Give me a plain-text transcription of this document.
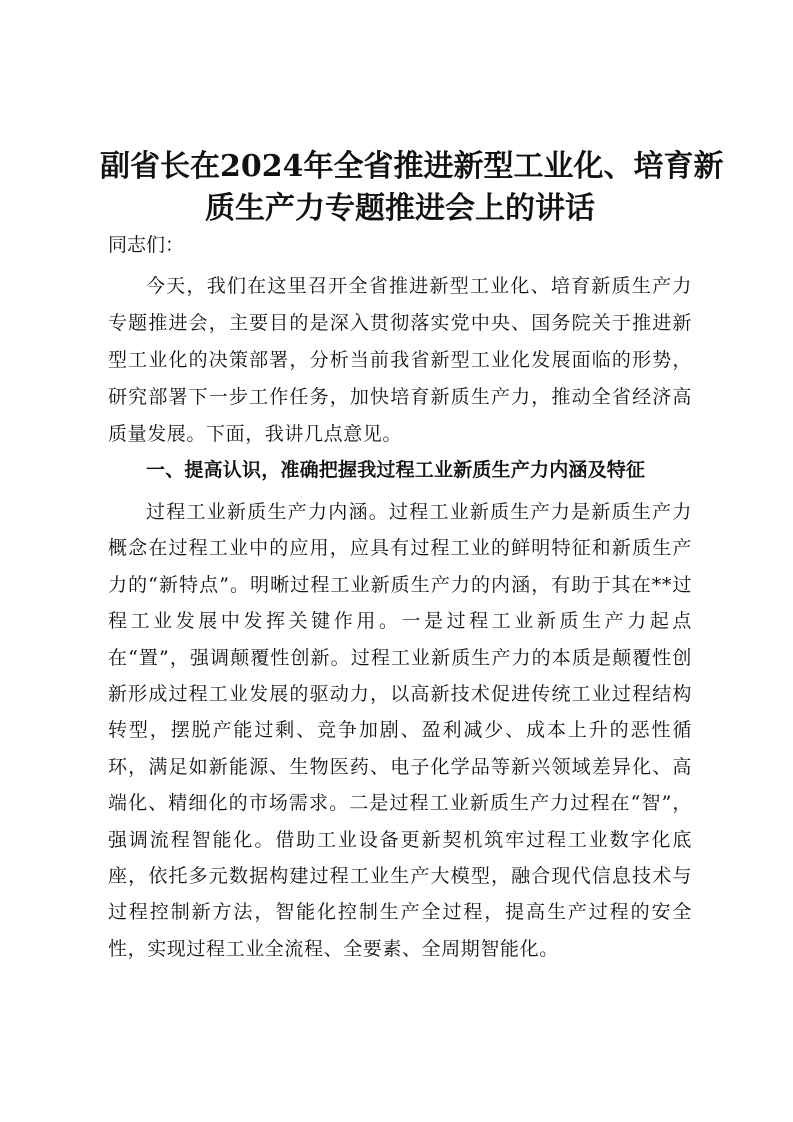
副省长在2024年全省推进新型工业化、培育新
质生产力专题推进会上的讲话

同志们：

今天，我们在这里召开全省推进新型工业化、培育新质生产力专题推进会，主要目的是深入贯彻落实党中央、国务院关于推进新型工业化的决策部署，分析当前我省新型工业化发展面临的形势，研究部署下一步工作任务，加快培育新质生产力，推动全省经济高质量发展。下面，我讲几点意见。

一、提高认识，准确把握我过程工业新质生产力内涵及特征

过程工业新质生产力内涵。过程工业新质生产力是新质生产力概念在过程工业中的应用，应具有过程工业的鲜明特征和新质生产力的“新特点”。明晰过程工业新质生产力的内涵，有助于其在**过程工业发展中发挥关键作用。一是过程工业新质生产力起点在“置”，强调颠覆性创新。过程工业新质生产力的本质是颠覆性创新形成过程工业发展的驱动力，以高新技术促进传统工业过程结构转型，摆脱产能过剩、竞争加剧、盈利减少、成本上升的恶性循环，满足如新能源、生物医药、电子化学品等新兴领域差异化、高端化、精细化的市场需求。二是过程工业新质生产力过程在“智”，强调流程智能化。借助工业设备更新契机筑牢过程工业数字化底座，依托多元数据构建过程工业生产大模型，融合现代信息技术与过程控制新方法，智能化控制生产全过程，提高生产过程的安全性，实现过程工业全流程、全要素、全周期智能化。
